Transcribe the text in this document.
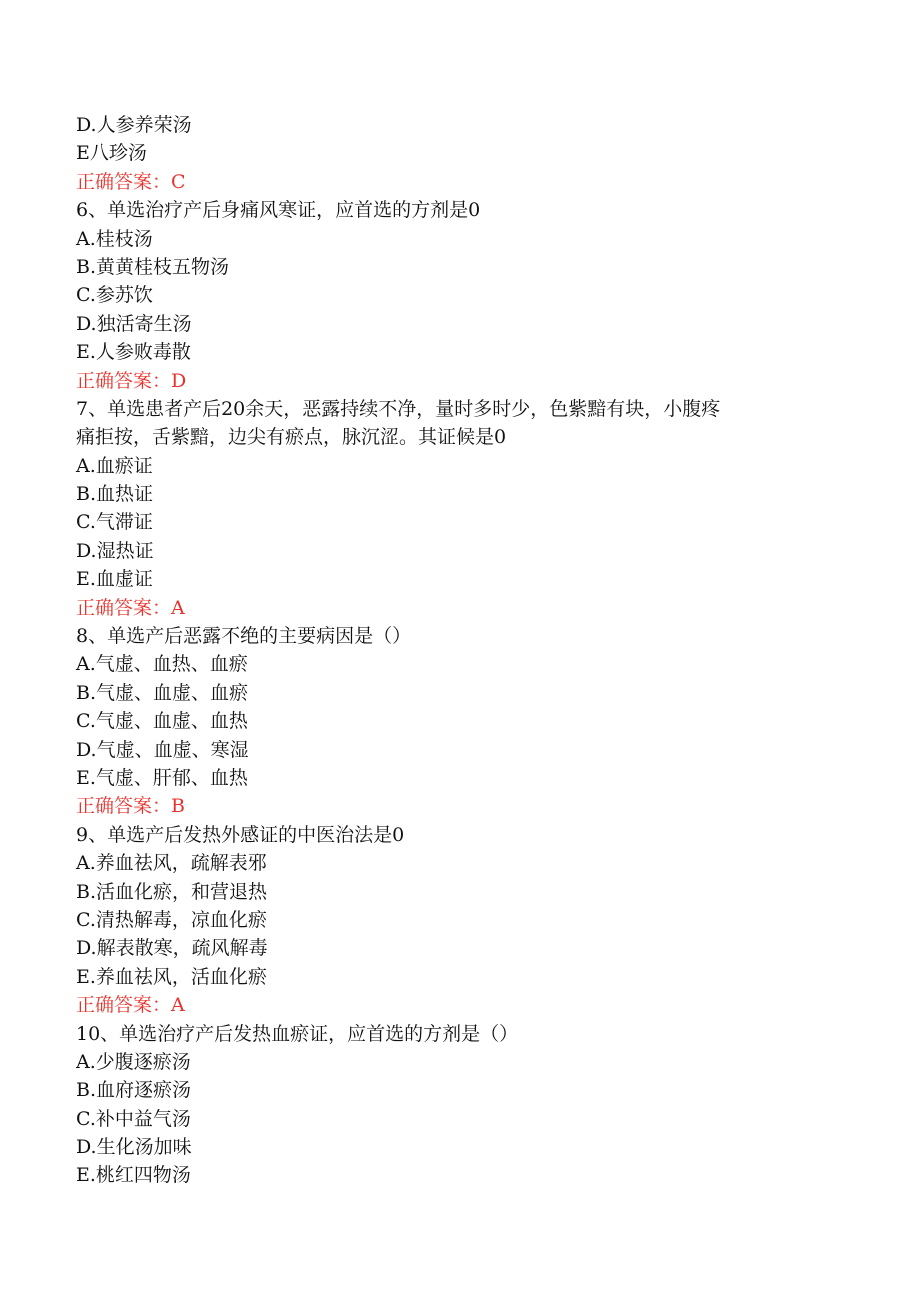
D.人参养荣汤
E八珍汤
正确答案：C
6、单选治疗产后身痛风寒证，应首选的方剂是0
A.桂枝汤
B.黄黄桂枝五物汤
C.参苏饮
D.独活寄生汤
E.人参败毒散
正确答案：D
7、单选患者产后20余天，恶露持续不净，量时多时少，色紫黯有块，小腹疼
痛拒按，舌紫黯，边尖有瘀点，脉沉涩。其证候是0
A.血瘀证
B.血热证
C.气滞证
D.湿热证
E.血虚证
正确答案：A
8、单选产后恶露不绝的主要病因是（）
A.气虚、血热、血瘀
B.气虚、血虚、血瘀
C.气虚、血虚、血热
D.气虚、血虚、寒湿
E.气虚、肝郁、血热
正确答案：B
9、单选产后发热外感证的中医治法是0
A.养血祛风，疏解表邪
B.活血化瘀，和营退热
C.清热解毒，凉血化瘀
D.解表散寒，疏风解毒
E.养血祛风，活血化瘀
正确答案：A
10、单选治疗产后发热血瘀证，应首选的方剂是（）
A.少腹逐瘀汤
B.血府逐瘀汤
C.补中益气汤
D.生化汤加味
E.桃红四物汤
